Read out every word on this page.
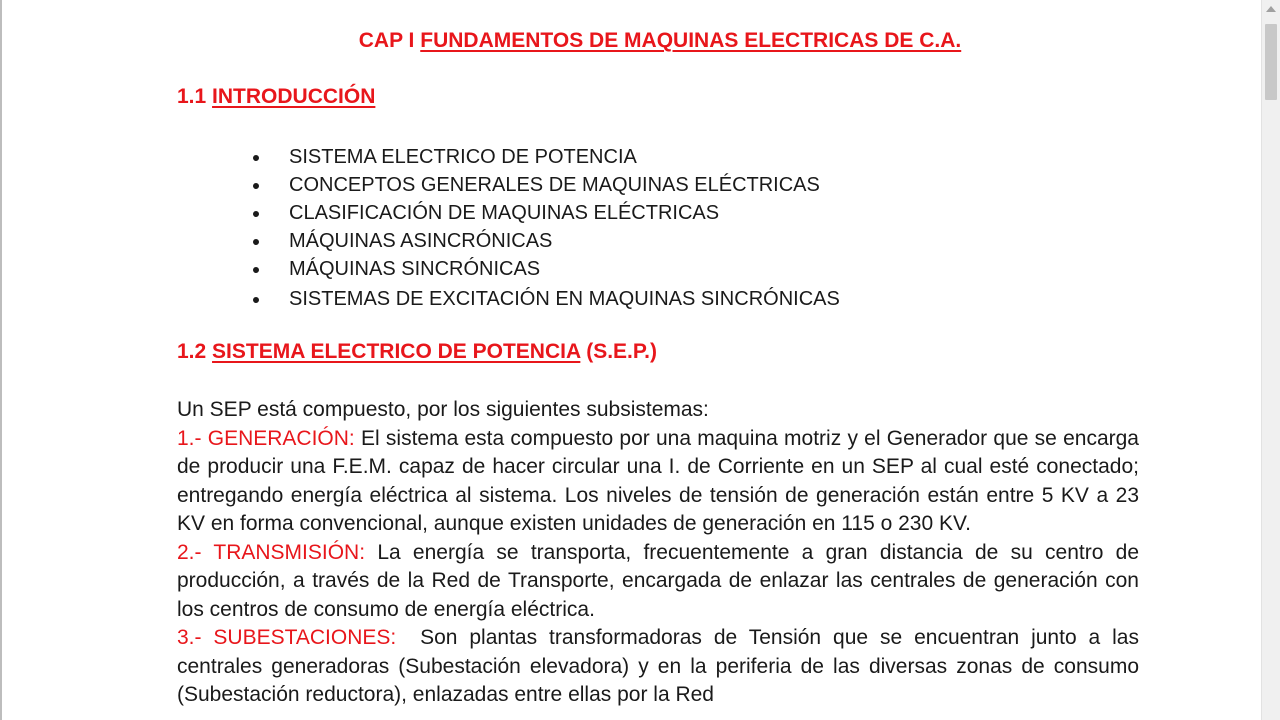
CAP I FUNDAMENTOS DE MAQUINAS ELECTRICAS DE C.A.
1.1 INTRODUCCIÓN
SISTEMA ELECTRICO DE POTENCIA
CONCEPTOS GENERALES DE MAQUINAS ELÉCTRICAS
CLASIFICACIÓN DE MAQUINAS ELÉCTRICAS
MÁQUINAS ASINCRÓNICAS
MÁQUINAS SINCRÓNICAS
SISTEMAS DE EXCITACIÓN EN MAQUINAS SINCRÓNICAS
1.2 SISTEMA ELECTRICO DE POTENCIA (S.E.P.)

Un SEP está compuesto, por los siguientes subsistemas:

1.- GENERACIÓN: El sistema esta compuesto por una maquina motriz y el Generador que se encarga de producir una F.E.M. capaz de hacer circular una I. de Corriente en un SEP al cual esté conectado; entregando energía eléctrica al sistema. Los niveles de tensión de generación están entre 5 KV a 23 KV en forma convencional, aunque existen unidades de generación en 115 o 230 KV.

2.- TRANSMISIÓN: La energía se transporta, frecuentemente a gran distancia de su centro de producción, a través de la Red de Transporte, encargada de enlazar las centrales de generación con los centros de consumo de energía eléctrica.

3.- SUBESTACIONES:  Son plantas transformadoras de Tensión que se encuentran junto a las centrales generadoras (Subestación elevadora) y en la periferia de las diversas zonas de consumo (Subestación reductora), enlazadas entre ellas por la Red
